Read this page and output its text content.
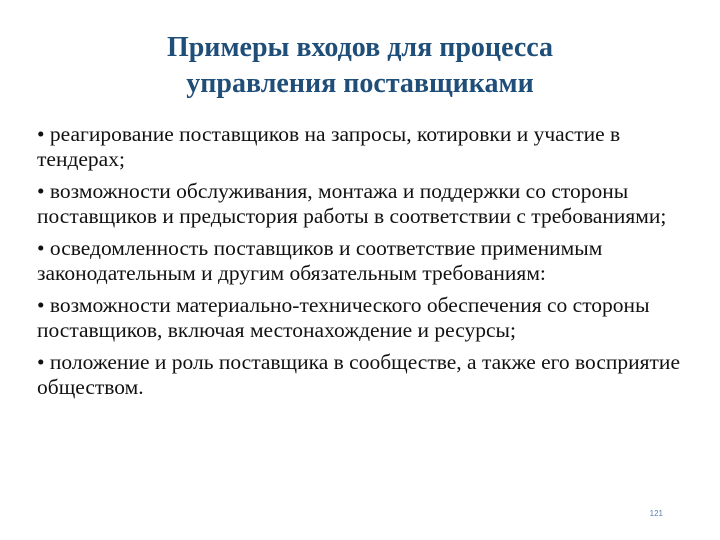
Примеры входов для процесса
управления поставщиками
• реагирование поставщиков на запросы, котировки и участие в тендерах;
• возможности обслуживания, монтажа и поддержки со стороны поставщиков и предыстория работы в соответствии с требованиями;
• осведомленность поставщиков и соответствие применимым законодательным и другим обязательным требованиям:
• возможности материально-технического обеспечения со стороны поставщиков, включая местонахождение и ресурсы;
• положение и роль поставщика в сообществе, а также его восприятие обществом.
121
